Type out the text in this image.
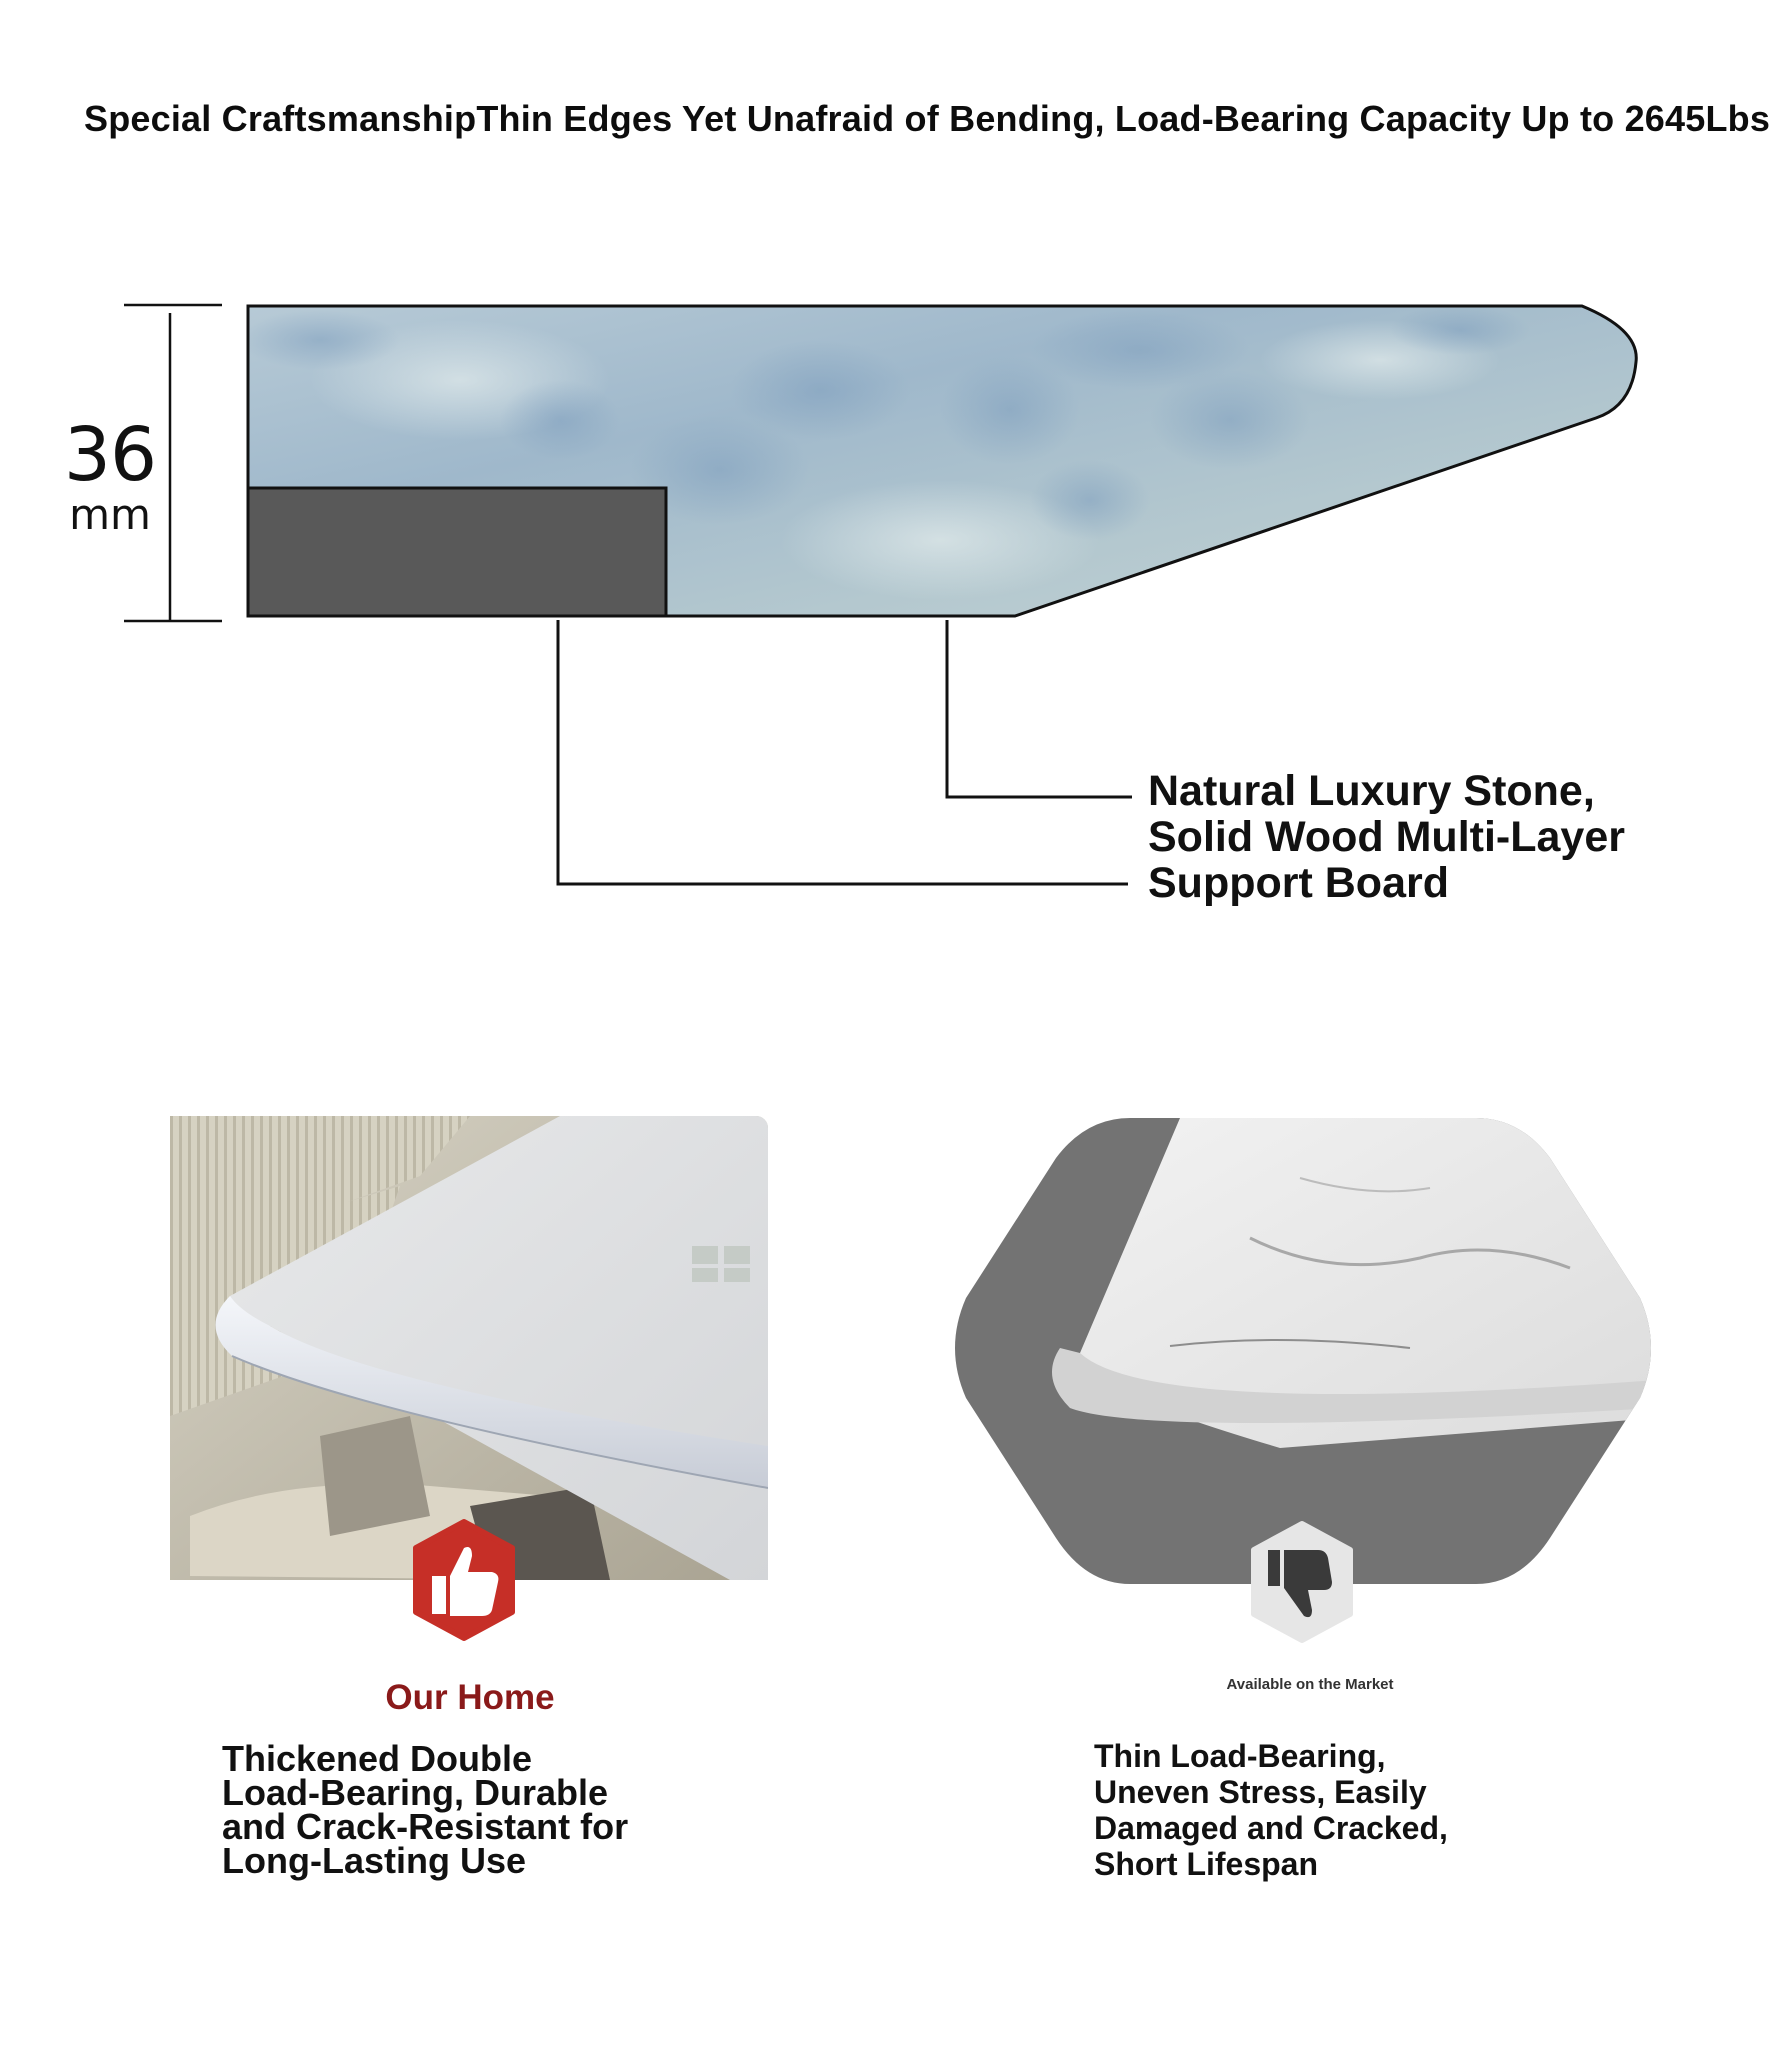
Special CraftsmanshipThin Edges Yet Unafraid of Bending, Load-Bearing Capacity Up to 2645Lbs
36
mm
Natural Luxury Stone,
Solid Wood Multi-Layer
Support Board
Our Home
Thickened Double
Load-Bearing, Durable
and Crack-Resistant for
Long-Lasting Use
Available on the Market
Thin Load-Bearing,
Uneven Stress, Easily
Damaged and Cracked,
Short Lifespan
